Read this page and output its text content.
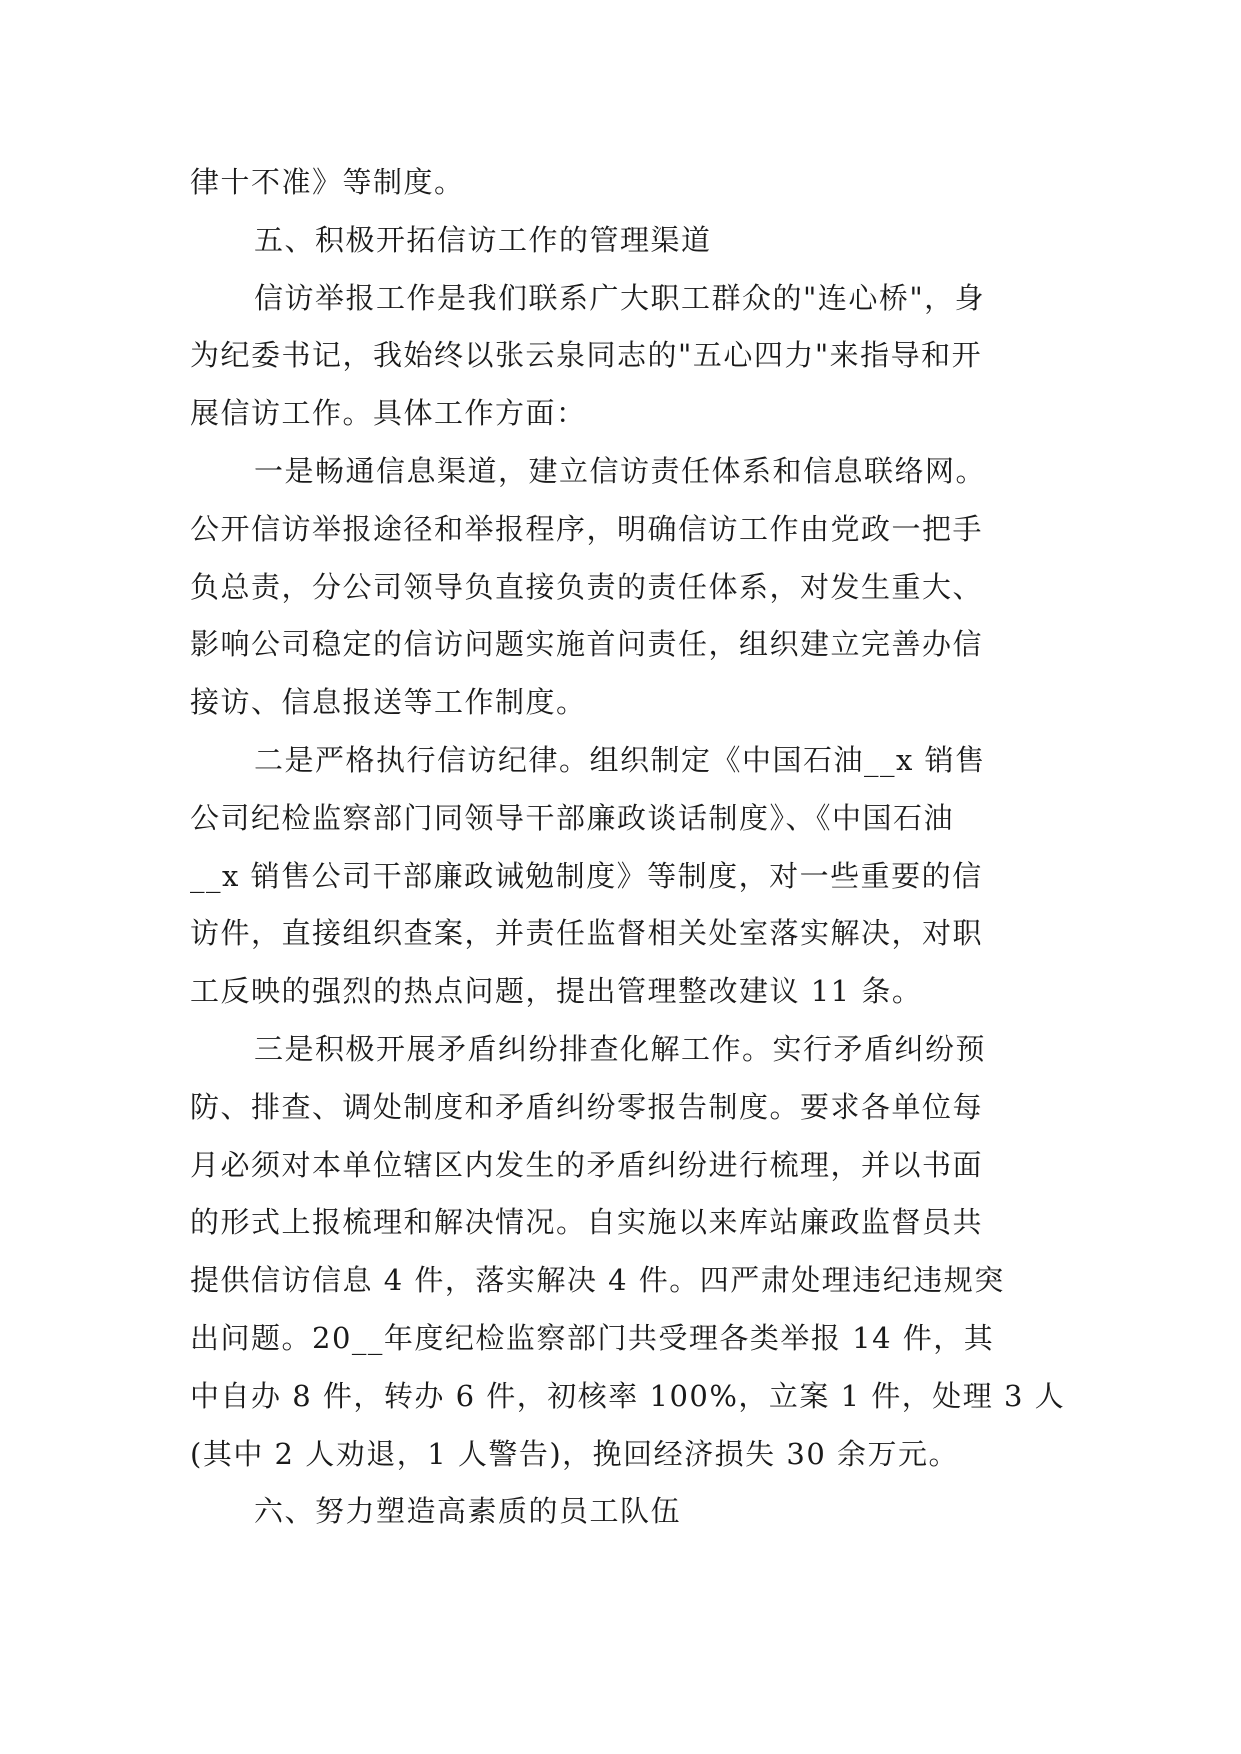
律十不准》等制度。
五、积极开拓信访工作的管理渠道
信访举报工作是我们联系广大职工群众的"连心桥"，身
为纪委书记，我始终以张云泉同志的"五心四力"来指导和开
展信访工作。具体工作方面：
一是畅通信息渠道，建立信访责任体系和信息联络网。
公开信访举报途径和举报程序，明确信访工作由党政一把手
负总责，分公司领导负直接负责的责任体系，对发生重大、
影响公司稳定的信访问题实施首问责任，组织建立完善办信
接访、信息报送等工作制度。
二是严格执行信访纪律。组织制定《中国石油__x 销售
公司纪检监察部门同领导干部廉政谈话制度》、《中国石油
__x 销售公司干部廉政诫勉制度》等制度，对一些重要的信
访件，直接组织查案，并责任监督相关处室落实解决，对职
工反映的强烈的热点问题，提出管理整改建议 11 条。
三是积极开展矛盾纠纷排查化解工作。实行矛盾纠纷预
防、排查、调处制度和矛盾纠纷零报告制度。要求各单位每
月必须对本单位辖区内发生的矛盾纠纷进行梳理，并以书面
的形式上报梳理和解决情况。自实施以来库站廉政监督员共
提供信访信息 4 件，落实解决 4 件。四严肃处理违纪违规突
出问题。20__年度纪检监察部门共受理各类举报 14 件，其
中自办 8 件，转办 6 件，初核率 100%，立案 1 件，处理 3 人
(其中 2 人劝退，1 人警告)，挽回经济损失 30 余万元。
六、努力塑造高素质的员工队伍
